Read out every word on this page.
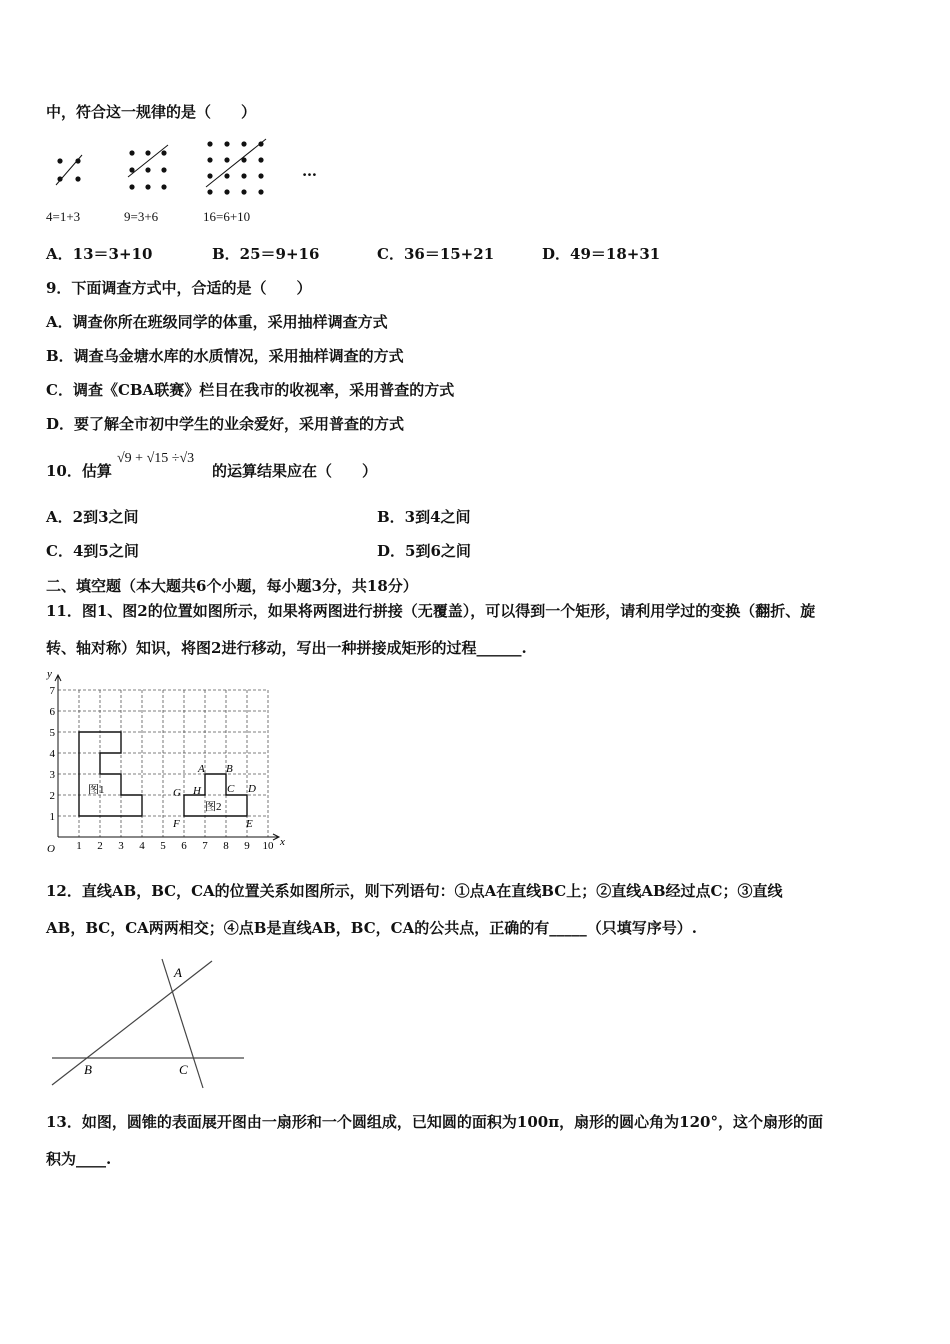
中，符合这一规律的是（　　）
4=1+3	9=3+6	16=6+10
…
A．13＝3+10	B．25＝9+16	C．36＝15+21	D．49＝18+31
9．下面调查方式中，合适的是（　　）
A．调查你所在班级同学的体重，采用抽样调查方式
B．调查乌金塘水库的水质情况，采用抽样调查的方式
C．调查《CBA联赛》栏目在我市的收视率，采用普查的方式
D．要了解全市初中学生的业余爱好，采用普查的方式
10．估算
√9 + √15 ÷√3
的运算结果应在（　　）
A．2到3之间	B．3到4之间
C．4到5之间	D．5到6之间
二、填空题（本大题共6个小题，每小题3分，共18分）
11．图1、图2的位置如图所示，如果将两图进行拼接（无覆盖），可以得到一个矩形，请利用学过的变换（翻折、旋
转、轴对称）知识，将图2进行移动，写出一种拼接成矩形的过程______.
x
y
O 1 2 3 4 5 6 7 8 9 10
1
2
3
4
5
6
7
图1
图2
A B
C D
E
F
G H
12．直线AB，BC，CA的位置关系如图所示，则下列语句：①点A在直线BC上；②直线AB经过点C；③直线
AB，BC，CA两两相交；④点B是直线AB，BC，CA的公共点，正确的有_____（只填写序号）.
A
B	C
13．如图，圆锥的表面展开图由一扇形和一个圆组成，已知圆的面积为100π，扇形的圆心角为120°，这个扇形的面
积为____.
